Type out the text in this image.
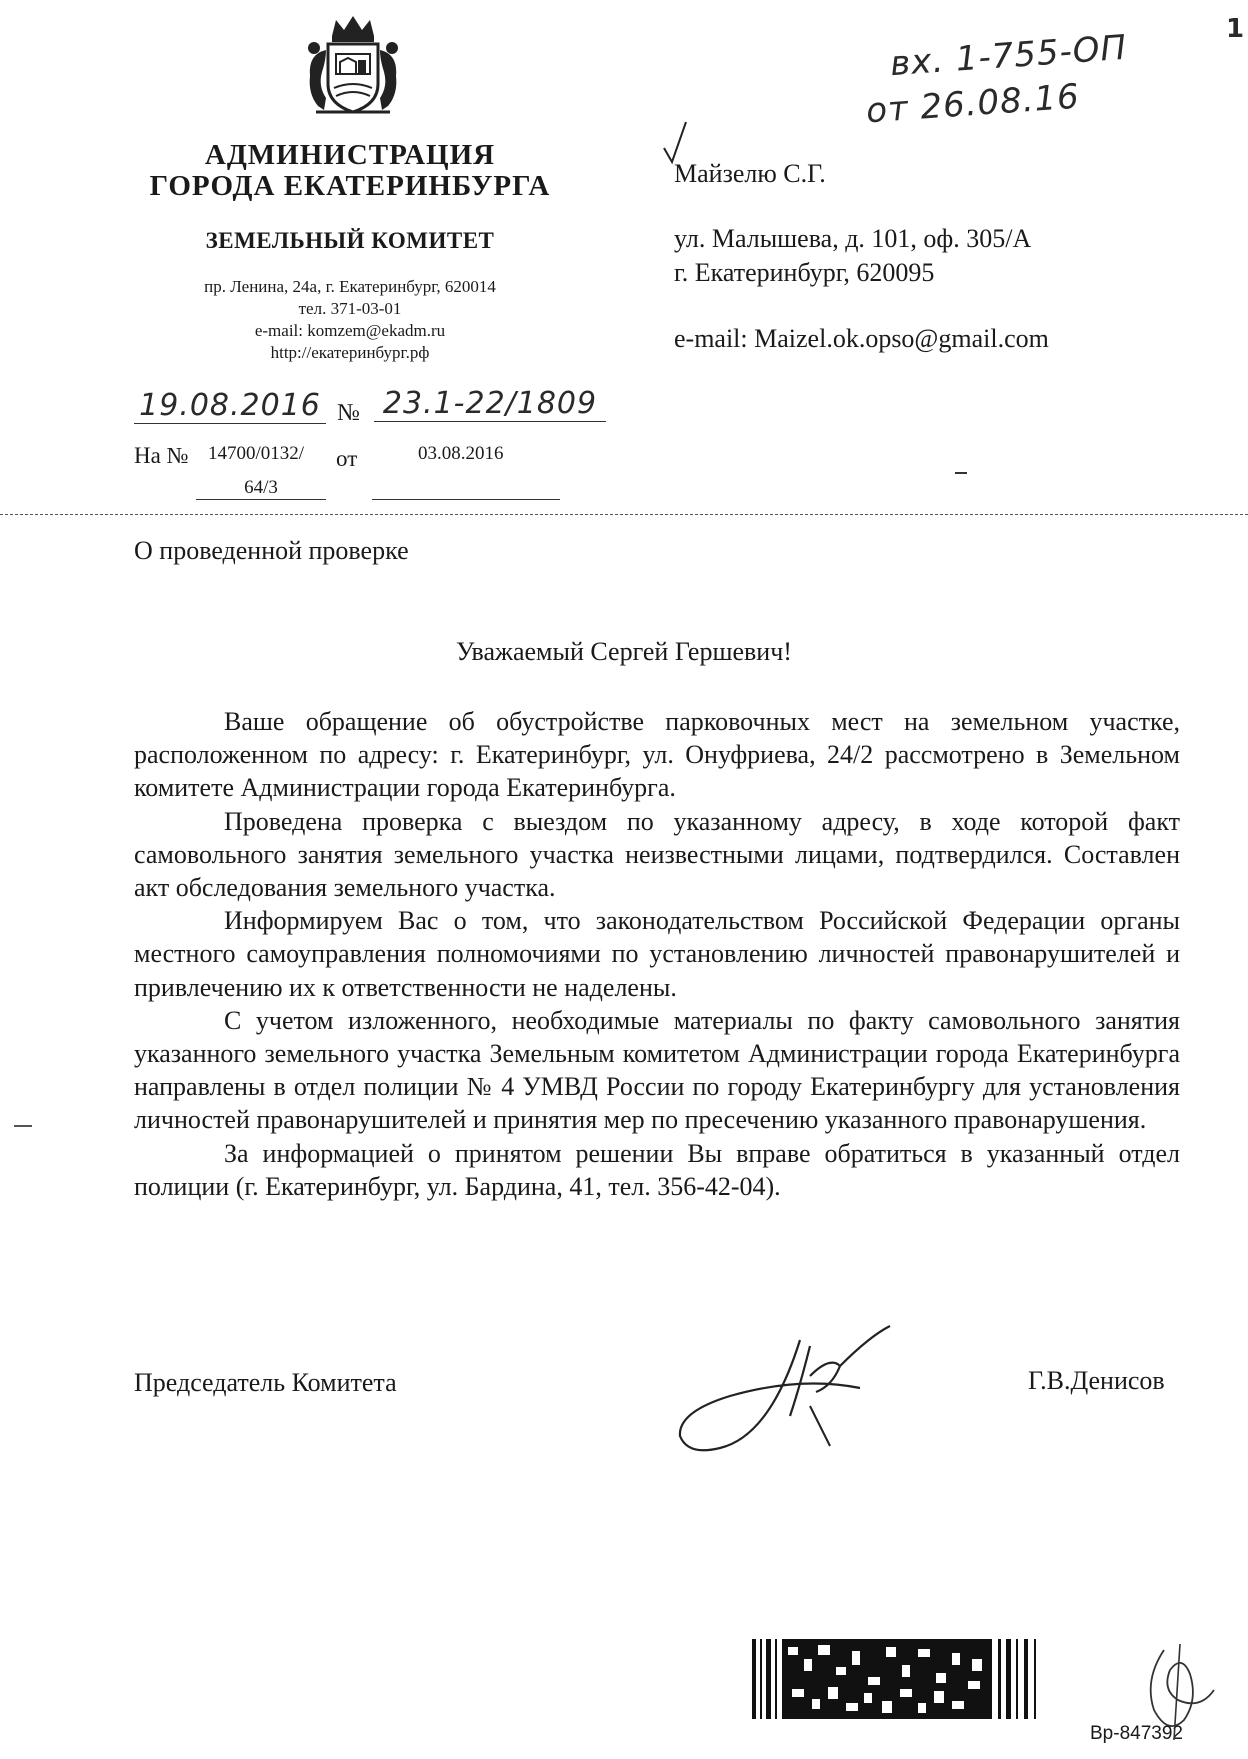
1
АДМИНИСТРАЦИЯ
ГОРОДА ЕКАТЕРИНБУРГА
ЗЕМЕЛЬНЫЙ КОМИТЕТ
пр. Ленина, 24а, г. Екатеринбург, 620014
тел. 371-03-01
e-mail: komzem@ekadm.ru
http://екатеринбург.рф
вх. 1-755-ОП
от 26.08.16
19.08.2016 № 23.1-22/1809
На № 14700/0132/
64/3
от	03.08.2016
Майзелю С.Г.
ул. Малышева, д. 101, оф. 305/А
г. Екатеринбург, 620095
e-mail: Maizel.ok.opso@gmail.com
О проведенной проверке
Уважаемый Сергей Гершевич!

Ваше обращение об обустройстве парковочных мест на земельном участке, расположенном по адресу: г. Екатеринбург, ул. Онуфриева, 24/2 рассмотрено в Земельном комитете Администрации города Екатеринбурга.

Проведена проверка с выездом по указанному адресу, в ходе которой факт самовольного занятия земельного участка неизвестными лицами, подтвердился. Составлен акт обследования земельного участка.

Информируем Вас о том, что законодательством Российской Федерации органы местного самоуправления полномочиями по установлению личностей правонарушителей и привлечению их к ответственности не наделены.

С учетом изложенного, необходимые материалы по факту самовольного занятия указанного земельного участка Земельным комитетом Администрации города Екатеринбурга направлены в отдел полиции № 4 УМВД России по городу Екатеринбургу для установления личностей правонарушителей и принятия мер по пресечению указанного правонарушения.

За информацией о принятом решении Вы вправе обратиться в указанный отдел полиции (г. Екатеринбург, ул. Бардина, 41, тел. 356-42-04).

Председатель Комитета	Г.В.Денисов
Вр-847392
